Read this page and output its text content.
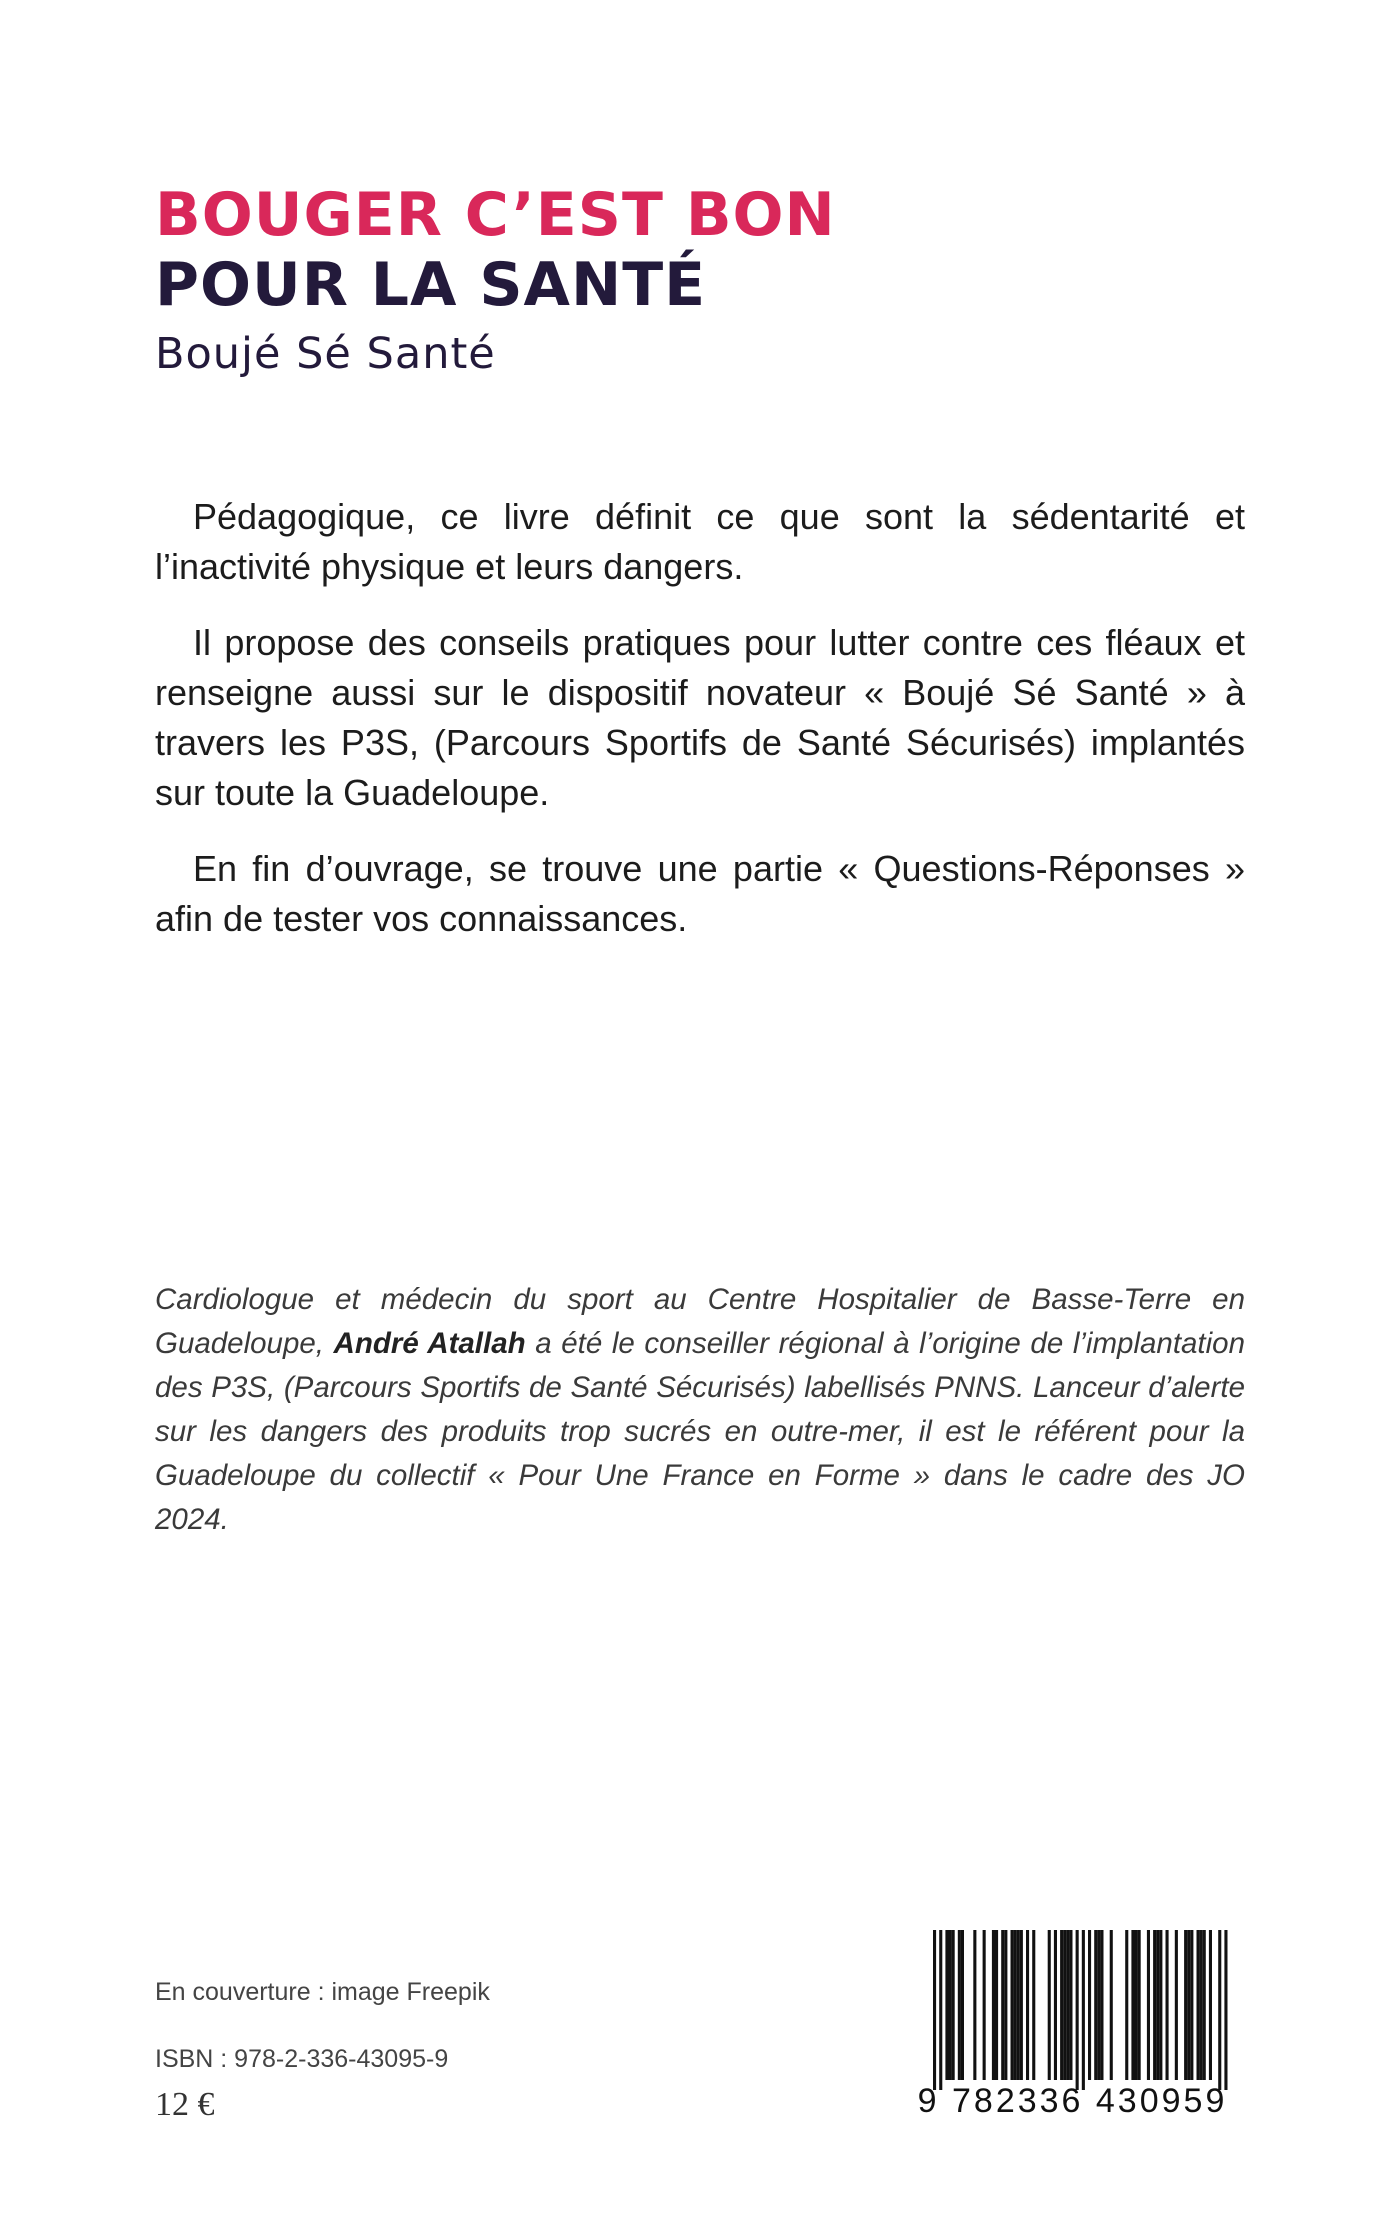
BOUGER C’EST BON
POUR LA SANTÉ
Boujé Sé Santé

Pédagogique, ce livre définit ce que sont la sédentarité et l’inactivité physique et leurs dangers.

Il propose des conseils pratiques pour lutter contre ces fléaux et renseigne aussi sur le dispositif novateur « Boujé Sé Santé » à travers les P3S, (Parcours Sportifs de Santé Sécurisés) implantés sur toute la Guadeloupe.

En fin d’ouvrage, se trouve une partie « Questions-Réponses » afin de tester vos connaissances.

Cardiologue et médecin du sport au Centre Hospitalier de Basse-Terre en Guadeloupe, André Atallah a été le conseiller régional à l’origine de l’implantation des P3S, (Parcours Sportifs de Santé Sécurisés) labellisés PNNS. Lanceur d’alerte sur les dangers des produits trop sucrés en outre-mer, il est le référent pour la Guadeloupe du collectif « Pour Une France en Forme » dans le cadre des JO 2024.

En couverture : image Freepik
ISBN : 978-2-336-43095-9
12 €	9 782336 430959
